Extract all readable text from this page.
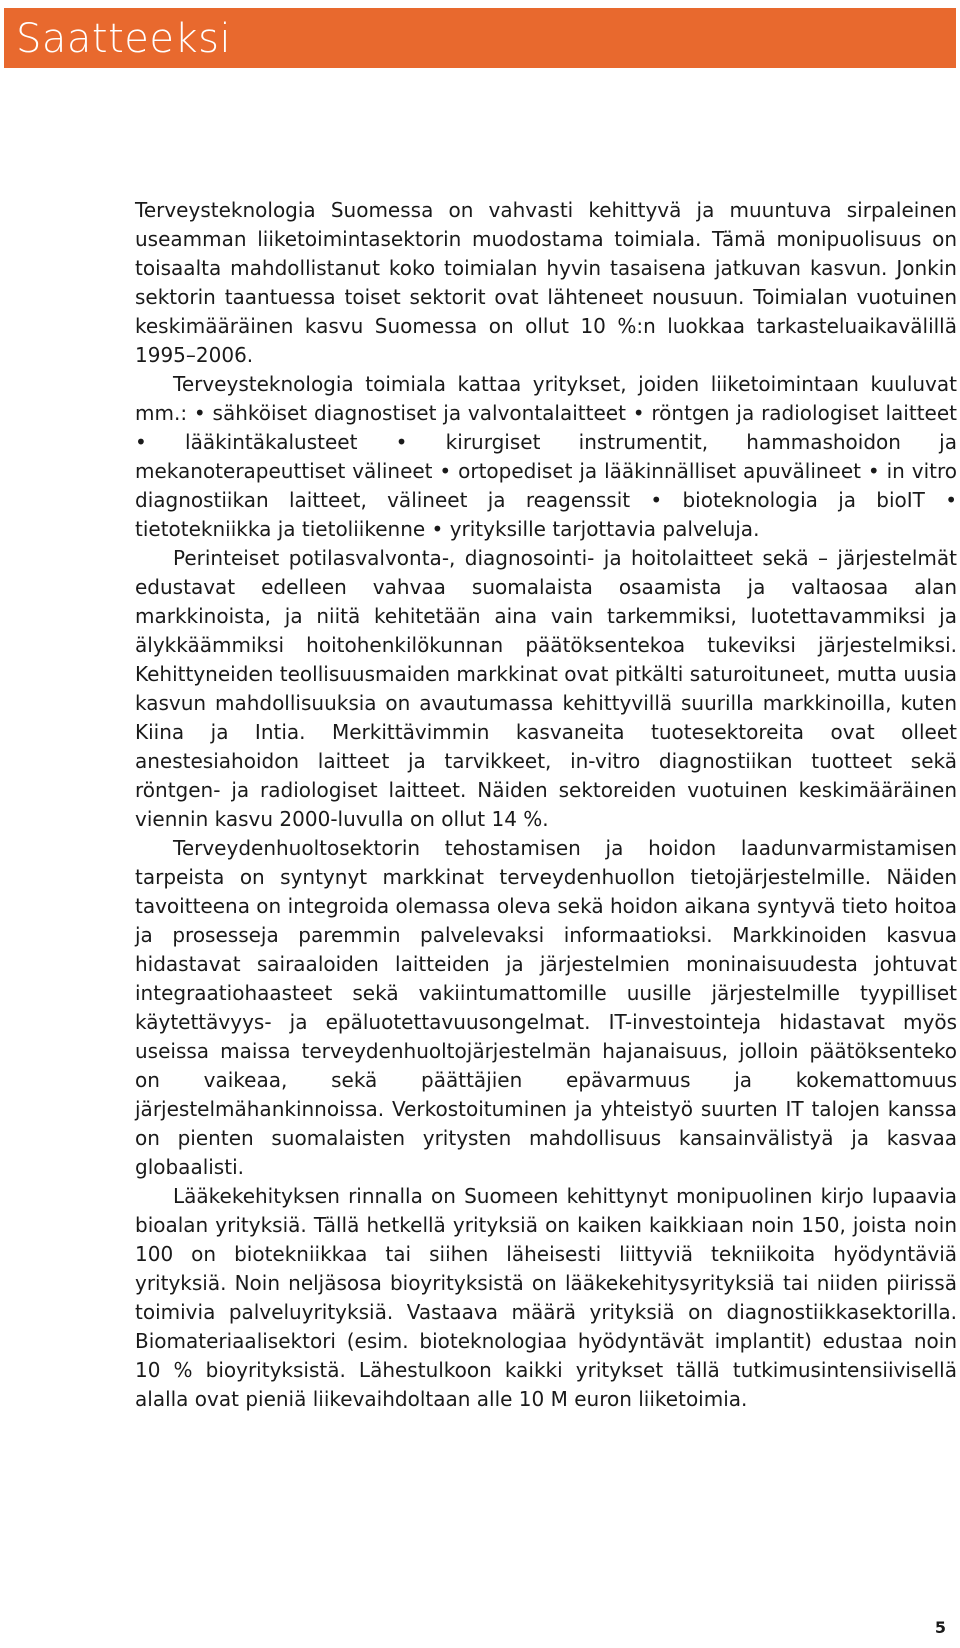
Saatteeksi

Terveysteknologia Suomessa on vahvasti kehittyvä ja muuntuva sirpaleinen useamman liiketoimintasektorin muodostama toimiala. Tämä monipuolisuus on toisaalta mahdollistanut koko toimialan hyvin tasaisena jatkuvan kasvun. Jonkin sektorin taantuessa toiset sektorit ovat lähteneet nousuun. Toimialan vuotuinen keskimääräinen kasvu Suomessa on ollut 10 %:n luokkaa tarkasteluaikavälillä 1995–2006.

Terveysteknologia toimiala kattaa yritykset, joiden liiketoimintaan kuuluvat mm.: • sähköiset diagnostiset ja valvontalaitteet • röntgen ja radiologiset laitteet • lääkintäkalusteet • kirurgiset instrumentit, hammashoidon ja mekanoterapeuttiset välineet • ortopediset ja lääkinnälliset apuvälineet • in vitro diagnostiikan laitteet, välineet ja reagenssit • bioteknologia ja bioIT • tietotekniikka ja tietoliikenne • yrityksille tarjottavia palveluja.

Perinteiset potilasvalvonta-, diagnosointi- ja hoitolaitteet sekä – järjestelmät edustavat edelleen vahvaa suomalaista osaamista ja valtaosaa alan markkinoista, ja niitä kehitetään aina vain tarkemmiksi, luotettavammiksi ja älykkäämmiksi hoitohenkilökunnan päätöksentekoa tukeviksi järjestelmiksi. Kehittyneiden teollisuusmaiden markkinat ovat pitkälti saturoituneet, mutta uusia kasvun mahdollisuuksia on avautumassa kehittyvillä suurilla markkinoilla, kuten Kiina ja Intia. Merkittävimmin kasvaneita tuotesektoreita ovat olleet anestesiahoidon laitteet ja tarvikkeet, in-vitro diagnostiikan tuotteet sekä röntgen- ja radiologiset laitteet. Näiden sektoreiden vuotuinen keskimääräinen viennin kasvu 2000-luvulla on ollut 14 %.

Terveydenhuoltosektorin tehostamisen ja hoidon laadunvarmistamisen tarpeista on syntynyt markkinat terveydenhuollon tietojärjestelmille. Näiden tavoitteena on integroida olemassa oleva sekä hoidon aikana syntyvä tieto hoitoa ja prosesseja paremmin palvelevaksi informaatioksi. Markkinoiden kasvua hidastavat sairaaloiden laitteiden ja järjestelmien moninaisuudesta johtuvat integraatiohaasteet sekä vakiintumattomille uusille järjestelmille tyypilliset käytettävyys- ja epäluotettavuusongelmat. IT-investointeja hidastavat myös useissa maissa terveydenhuoltojärjestelmän hajanaisuus, jolloin päätöksenteko on vaikeaa, sekä päättäjien epävarmuus ja kokemattomuus järjestelmähankinnoissa. Verkostoituminen ja yhteistyö suurten IT talojen kanssa on pienten suomalaisten yritysten mahdollisuus kansainvälistyä ja kasvaa globaalisti.

Lääkekehityksen rinnalla on Suomeen kehittynyt monipuolinen kirjo lupaavia bioalan yrityksiä. Tällä hetkellä yrityksiä on kaiken kaikkiaan noin 150, joista noin 100 on biotekniikkaa tai siihen läheisesti liittyviä tekniikoita hyödyntäviä yrityksiä. Noin neljäsosa bioyrityksistä on lääkekehitysyrityksiä tai niiden piirissä toimivia palveluyrityksiä. Vastaava määrä yrityksiä on diagnostiikkasektorilla. Biomateriaalisektori (esim. bioteknologiaa hyödyntävät implantit) edustaa noin 10 % bioyrityksistä. Lähestulkoon kaikki yritykset tällä tutkimusintensiivisellä alalla ovat pieniä liikevaihdoltaan alle 10 M euron liiketoimia.

5
